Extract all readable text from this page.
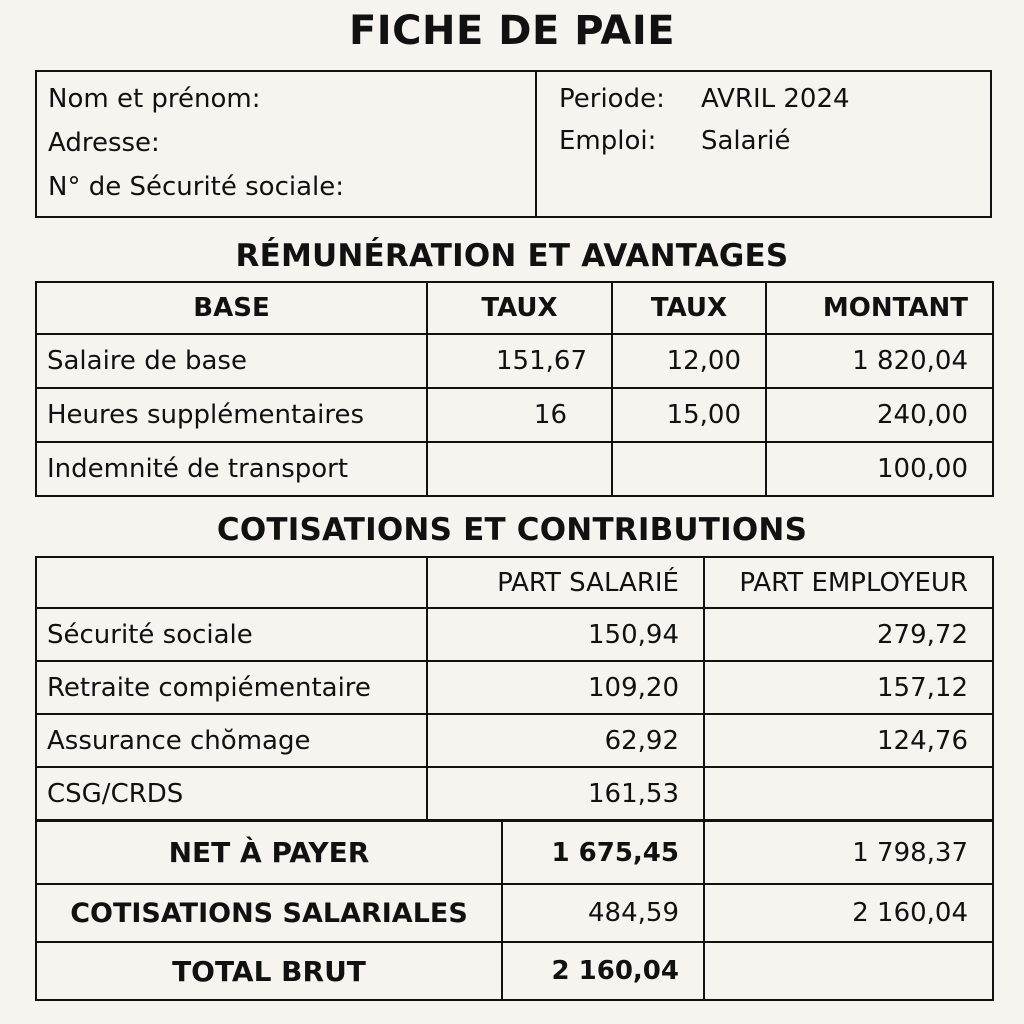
FICHE DE PAIE
Nom et prénom:
Adresse:
N° de Sécurité sociale:
Periode: AVRIL 2024
Emploi: Salarié
RÉMUNÉRATION ET AVANTAGES
BASE	TAUX	TAUX	MONTANT
Salaire de base	151,67	12,00	1 820,04
Heures supplémentaires	16	15,00	240,00
Indemnité de transport			100,00
COTISATIONS ET CONTRIBUTIONS
	PART SALARIÉ	PART EMPLOYEUR
Sécurité sociale	150,94	279,72
Retraite compiémentaire	109,20	157,12
Assurance chŏmage	62,92	124,76
CSG/CRDS	161,53	
NET À PAYER	1 675,45	1 798,37
COTISATIONS SALARIALES	484,59	2 160,04
TOTAL BRUT	2 160,04	
